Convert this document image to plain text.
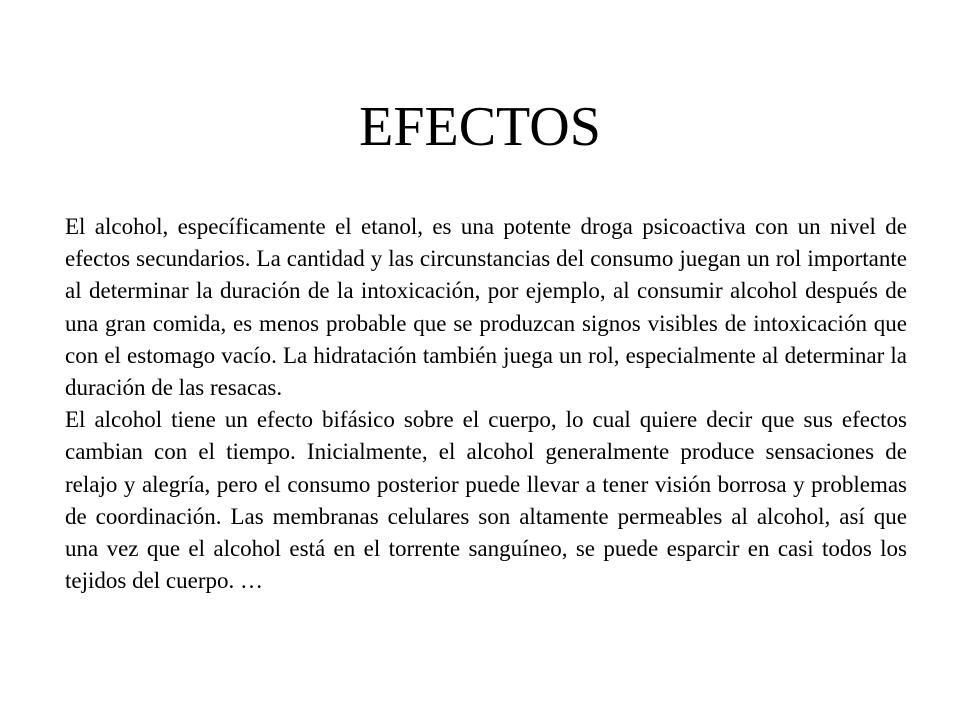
EFECTOS

El alcohol, específicamente el etanol, es una potente droga psicoactiva con un nivel de efectos secundarios. La cantidad y las circunstancias del consumo juegan un rol importante al determinar la duración de la intoxicación, por ejemplo, al consumir alcohol después de una gran comida, es menos probable que se produzcan signos visibles de intoxicación que con el estomago vacío. La hidratación también juega un rol, especialmente al determinar la duración de las resacas.

El alcohol tiene un efecto bifásico sobre el cuerpo, lo cual quiere decir que sus efectos cambian con el tiempo. Inicialmente, el alcohol generalmente produce sensaciones de relajo y alegría, pero el consumo posterior puede llevar a tener visión borrosa y problemas de coordinación. Las membranas celulares son altamente permeables al alcohol, así que una vez que el alcohol está en el torrente sanguíneo, se puede esparcir en casi todos los tejidos del cuerpo. …
